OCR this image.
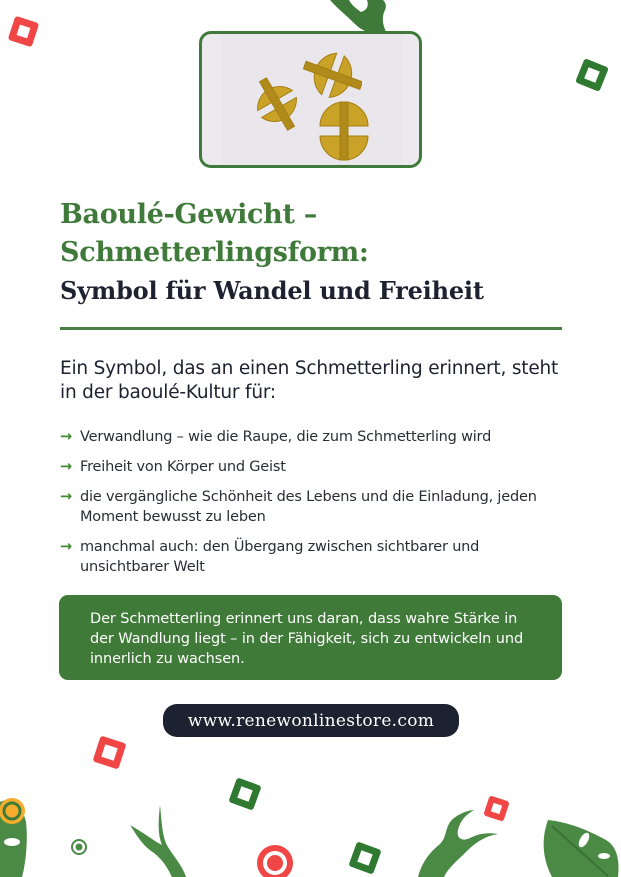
Baoulé-Gewicht –
Schmetterlingsform:
Symbol für Wandel und Freiheit

Ein Symbol, das an einen Schmetterling erinnert, steht in der baoulé-Kultur für:

→ Verwandlung – wie die Raupe, die zum Schmetterling wird
→ Freiheit von Körper und Geist
→ die vergängliche Schönheit des Lebens und die Einladung, jeden Moment bewusst zu leben
→ manchmal auch: den Übergang zwischen sichtbarer und unsichtbarer Welt

Der Schmetterling erinnert uns daran, dass wahre Stärke in der Wandlung liegt – in der Fähigkeit, sich zu entwickeln und innerlich zu wachsen.

www.renewonlinestore.com
